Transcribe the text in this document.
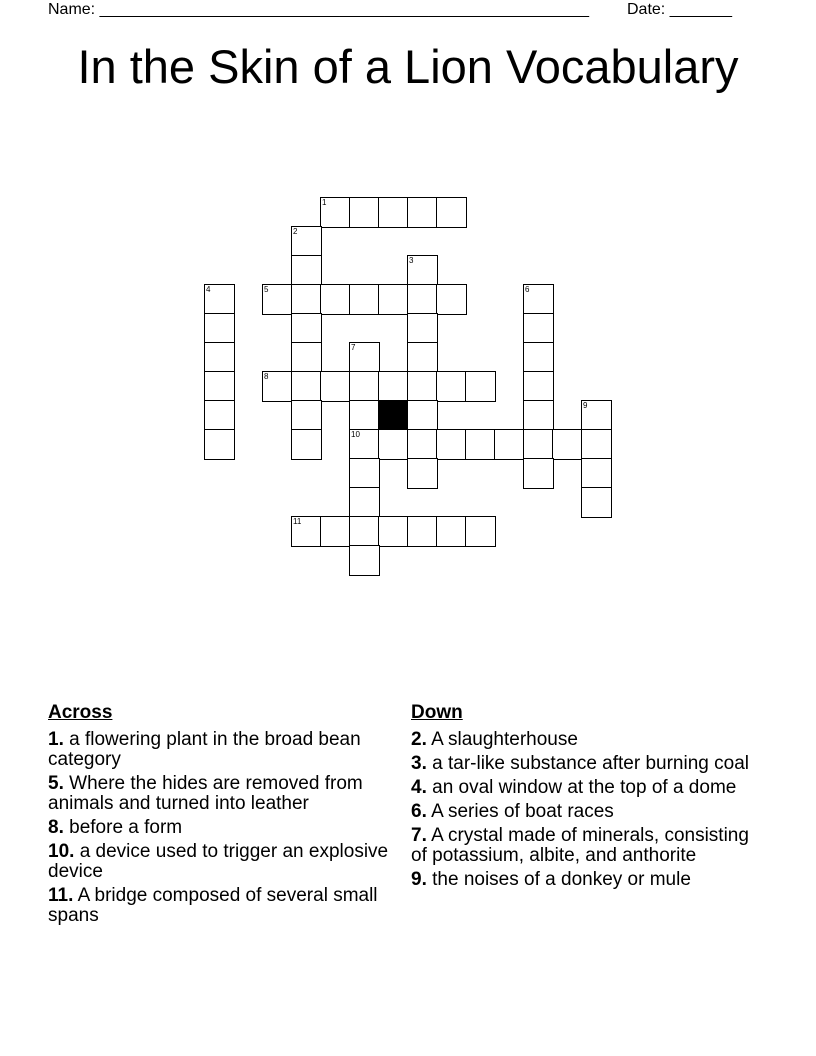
Name: _______________________________________________________ Date: _______
In the Skin of a Lion Vocabulary
1
2
3
4	5	6
7
8
9
10
11
Across
1. a flowering plant in the broad bean category
5. Where the hides are removed from animals and turned into leather
8. before a form
10. a device used to trigger an explosive device
11. A bridge composed of several small spans
Down
2. A slaughterhouse
3. a tar-like substance after burning coal
4. an oval window at the top of a dome
6. A series of boat races
7. A crystal made of minerals, consisting of potassium, albite, and anthorite
9. the noises of a donkey or mule
